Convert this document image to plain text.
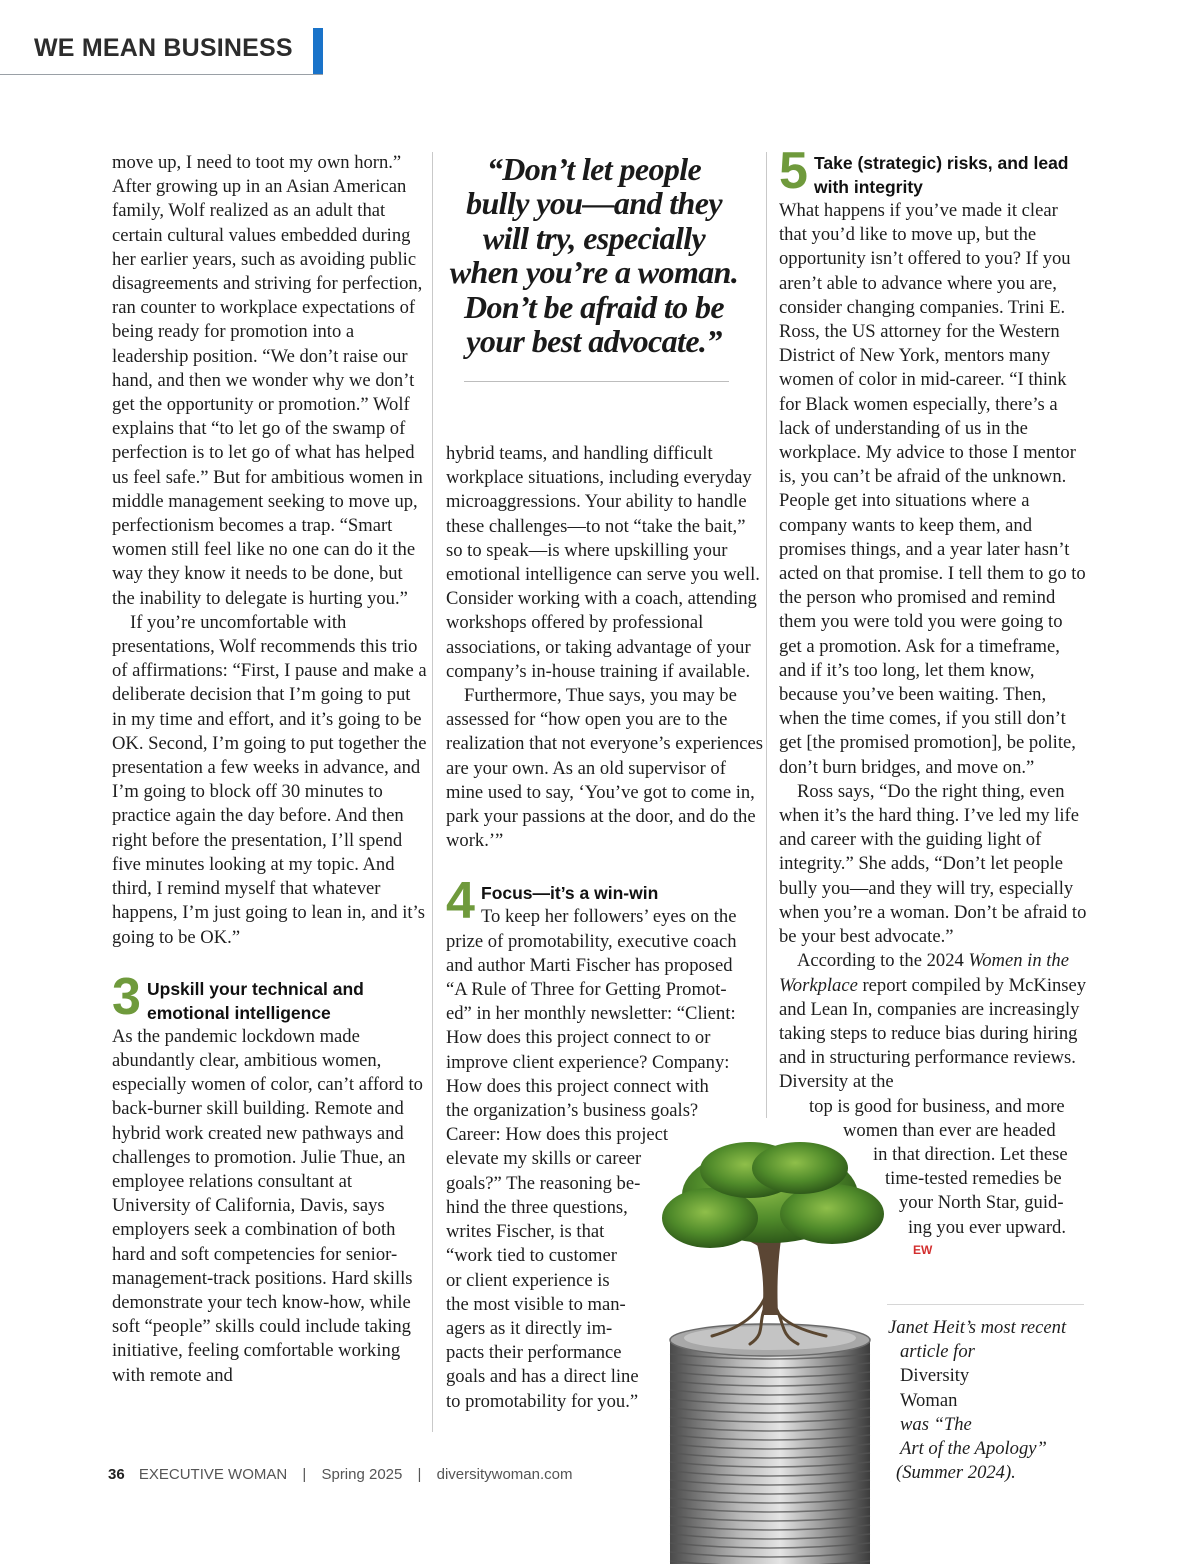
WE MEAN BUSINESS

move up, I need to toot my own horn.” After growing up in an Asian American family, Wolf realized as an adult that certain cultural values embedded during her earlier years, such as avoiding public disagreements and striving for perfection, ran counter to workplace expectations of being ready for promotion into a leadership position. “We don’t raise our hand, and then we wonder why we don’t get the opportunity or promotion.” Wolf explains that “to let go of the swamp of perfection is to let go of what has helped us feel safe.” But for ambitious women in middle management seeking to move up, perfectionism becomes a trap. “Smart women still feel like no one can do it the way they know it needs to be done, but the inability to delegate is hurting you.”

If you’re uncomfortable with presentations, Wolf recommends this trio of affirmations: “First, I pause and make a deliberate decision that I’m going to put in my time and effort, and it’s going to be OK. Second, I’m going to put together the presentation a few weeks in advance, and I’m going to block off 30 minutes to practice again the day before. And then right before the presentation, I’ll spend five minutes looking at my topic. And third, I remind myself that whatever happens, I’m just going to lean in, and it’s going to be OK.”

3 Upskill your technical and
emotional intelligence

As the pandemic lockdown made abundantly clear, ambitious women, especially women of color, can’t afford to back-burner skill building. Remote and hybrid work created new pathways and challenges to promotion. Julie Thue, an employee relations consultant at University of California, Davis, says employers seek a combination of both hard and soft competencies for senior-management-track positions. Hard skills demonstrate your tech know-how, while soft “people” skills could include taking initiative, feeling comfortable working with remote and

“Don’t let people
bully you—and they
will try, especially
when you’re a woman.
Don’t be afraid to be
your best advocate.”

hybrid teams, and handling difficult workplace situations, including everyday microaggressions. Your ability to handle these challenges—to not “take the bait,” so to speak—is where upskilling your emotional intelligence can serve you well. Consider working with a coach, attending workshops offered by professional associations, or taking advantage of your company’s in-house training if available.

Furthermore, Thue says, you may be assessed for “how open you are to the realization that not everyone’s experiences are your own. As an old supervisor of mine used to say, ‘You’ve got to come in, park your passions at the door, and do the work.’”

4 Focus—it’s a win-win
To keep her followers’ eyes on the
prize of promotability, executive coach
and author Marti Fischer has proposed
“A Rule of Three for Getting Promot-
ed” in her monthly newsletter: “Client:
How does this project connect to or
improve client experience? Company:
How does this project connect with
the organization’s business goals?
Career: How does this project
elevate my skills or career
goals?” The reasoning be-
hind the three questions,
writes Fischer, is that
“work tied to customer
or client experience is
the most visible to man-
agers as it directly im-
pacts their performance
goals and has a direct line
to promotability for you.”
5 Take (strategic) risks, and lead
with integrity

What happens if you’ve made it clear that you’d like to move up, but the opportunity isn’t offered to you? If you aren’t able to advance where you are, consider changing companies. Trini E. Ross, the US attorney for the Western District of New York, mentors many women of color in mid-career. “I think for Black women especially, there’s a lack of understanding of us in the workplace. My advice to those I mentor is, you can’t be afraid of the unknown. People get into situations where a company wants to keep them, and promises things, and a year later hasn’t acted on that promise. I tell them to go to the person who promised and remind them you were told you were going to get a promotion. Ask for a timeframe, and if it’s too long, let them know, because you’ve been waiting. Then, when the time comes, if you still don’t get [the promised promotion], be polite, don’t burn bridges, and move on.”

Ross says, “Do the right thing, even when it’s the hard thing. I’ve led my life and career with the guiding light of integrity.” She adds, “Don’t let people bully you—and they will try, especially when you’re a woman. Don’t be afraid to be your best advocate.”

According to the 2024 Women in the Workplace report compiled by McKinsey and Lean In, companies are increasingly taking steps to reduce bias during hiring and in structuring performance reviews. Diversity at the

top is good for business, and more
women than ever are headed
in that direction. Let these
time-tested remedies be
your North Star, guid-
ing you ever upward.
EW
Janet Heit’s most recent
article for
Diversity
Woman
was “The
Art of the Apology”
(Summer 2024).
36 EXECUTIVE WOMAN | Spring 2025 | diversitywoman.com
